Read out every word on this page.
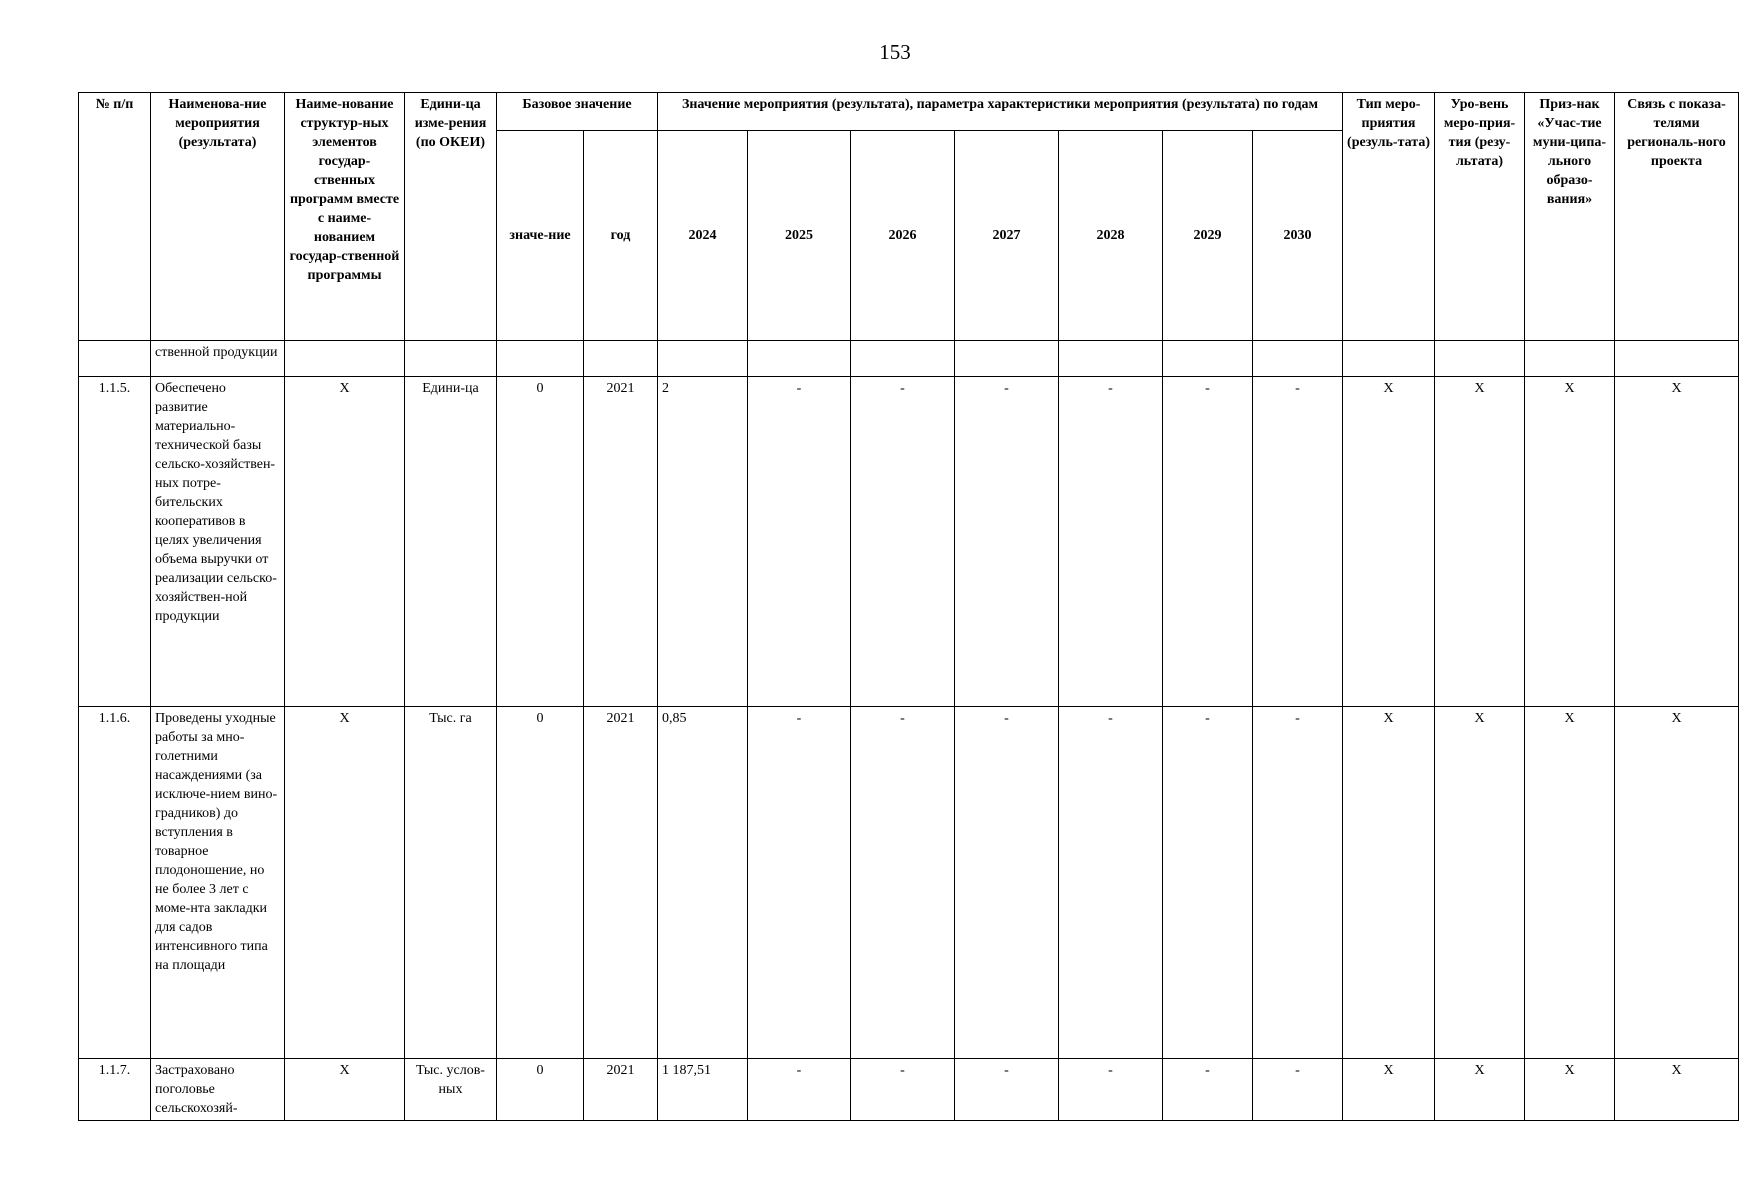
153
№ п/п	Наименова-ние мероприятия (результата)	Наиме-нование структур-ных элементов государ-ственных программ вместе с наиме-нованием государ-ственной программы	Едини-ца изме-рения (по ОКЕИ)	Базовое значение		Значение мероприятия (результата), параметра характеристики мероприятия (результата) по годам							Тип меро-приятия (резуль-тата)	Уро-вень меро-прия-тия (резу-льтата)	Приз-нак «Учас-тие муни-ципа-льного образо-вания»	Связь с показа-телями региональ-ного проекта
				значе-ние	год	2024	2025	2026	2027	2028	2029	2030				
	ственной продукции															
1.1.5.	Обеспечено развитие материально-технической базы сельско-хозяйствен-ных потре-бительских кооперативов в целях увеличения объема выручки от реализации сельско-хозяйствен-ной продукции	Х	Едини-ца	0	2021	2	-	-	-	-	-	-	Х	Х	Х	Х
1.1.6.	Проведены уходные работы за мно-голетними насаждениями (за исключе-нием вино-градников) до вступления в товарное плодоношение, но не более 3 лет с моме-нта закладки для садов интенсивного типа на площади	Х	Тыс. га	0	2021	0,85	-	-	-	-	-	-	Х	Х	Х	Х
1.1.7.	Застраховано поголовье сельскохозяй-	Х	Тыс. услов-ных	0	2021	1 187,51	-	-	-	-	-	-	Х	Х	Х	Х
